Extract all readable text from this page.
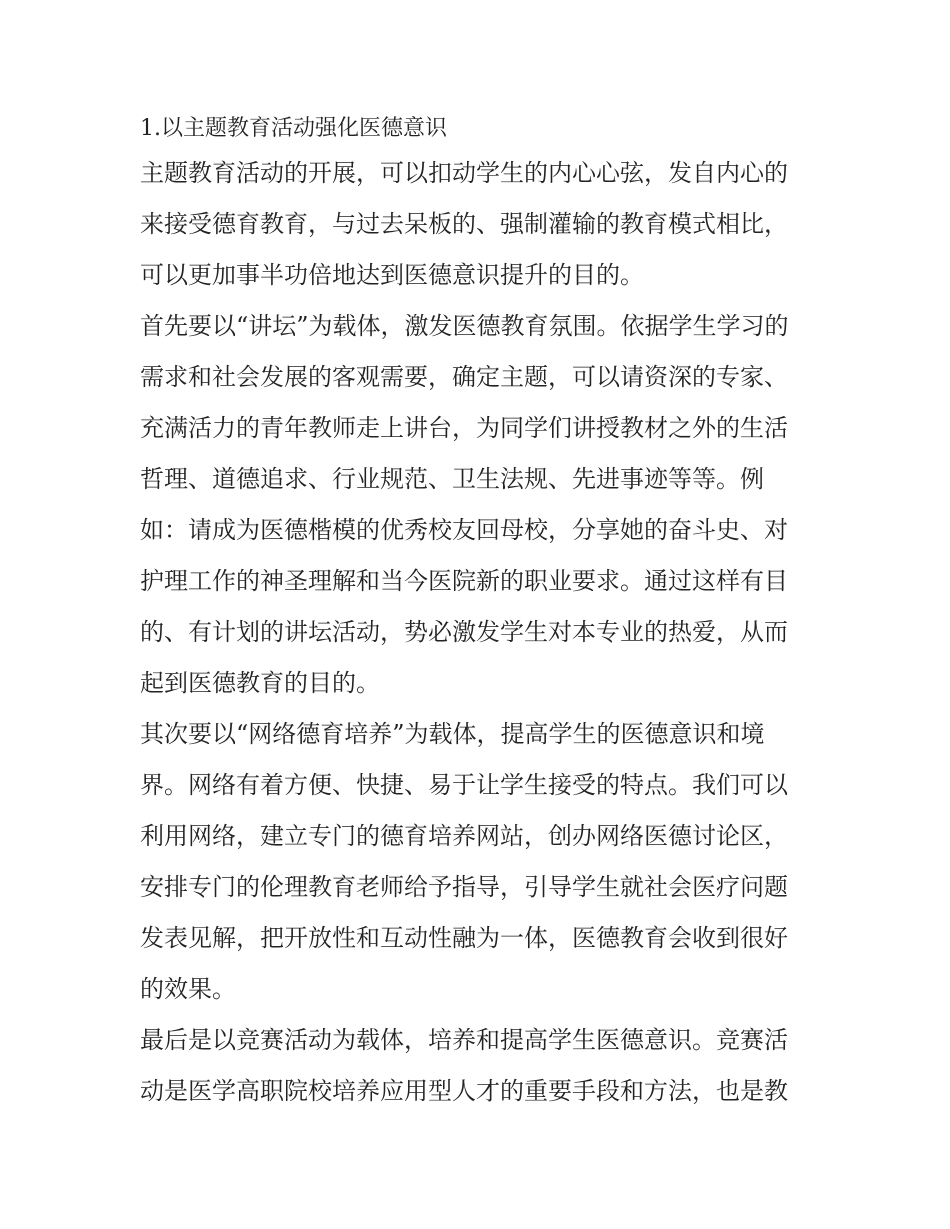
1.以主题教育活动强化医德意识

主题教育活动的开展，可以扣动学生的内心心弦，发自内心的

来接受德育教育，与过去呆板的、强制灌输的教育模式相比，

可以更加事半功倍地达到医德意识提升的目的。

首先要以“讲坛”为载体，激发医德教育氛围。依据学生学习的

需求和社会发展的客观需要，确定主题，可以请资深的专家、

充满活力的青年教师走上讲台，为同学们讲授教材之外的生活

哲理、道德追求、行业规范、卫生法规、先进事迹等等。例

如：请成为医德楷模的优秀校友回母校，分享她的奋斗史、对

护理工作的神圣理解和当今医院新的职业要求。通过这样有目

的、有计划的讲坛活动，势必激发学生对本专业的热爱，从而

起到医德教育的目的。

其次要以“网络德育培养”为载体，提高学生的医德意识和境

界。网络有着方便、快捷、易于让学生接受的特点。我们可以

利用网络，建立专门的德育培养网站，创办网络医德讨论区，

安排专门的伦理教育老师给予指导，引导学生就社会医疗问题

发表见解，把开放性和互动性融为一体，医德教育会收到很好

的效果。

最后是以竞赛活动为载体，培养和提高学生医德意识。竞赛活

动是医学高职院校培养应用型人才的重要手段和方法，也是教
